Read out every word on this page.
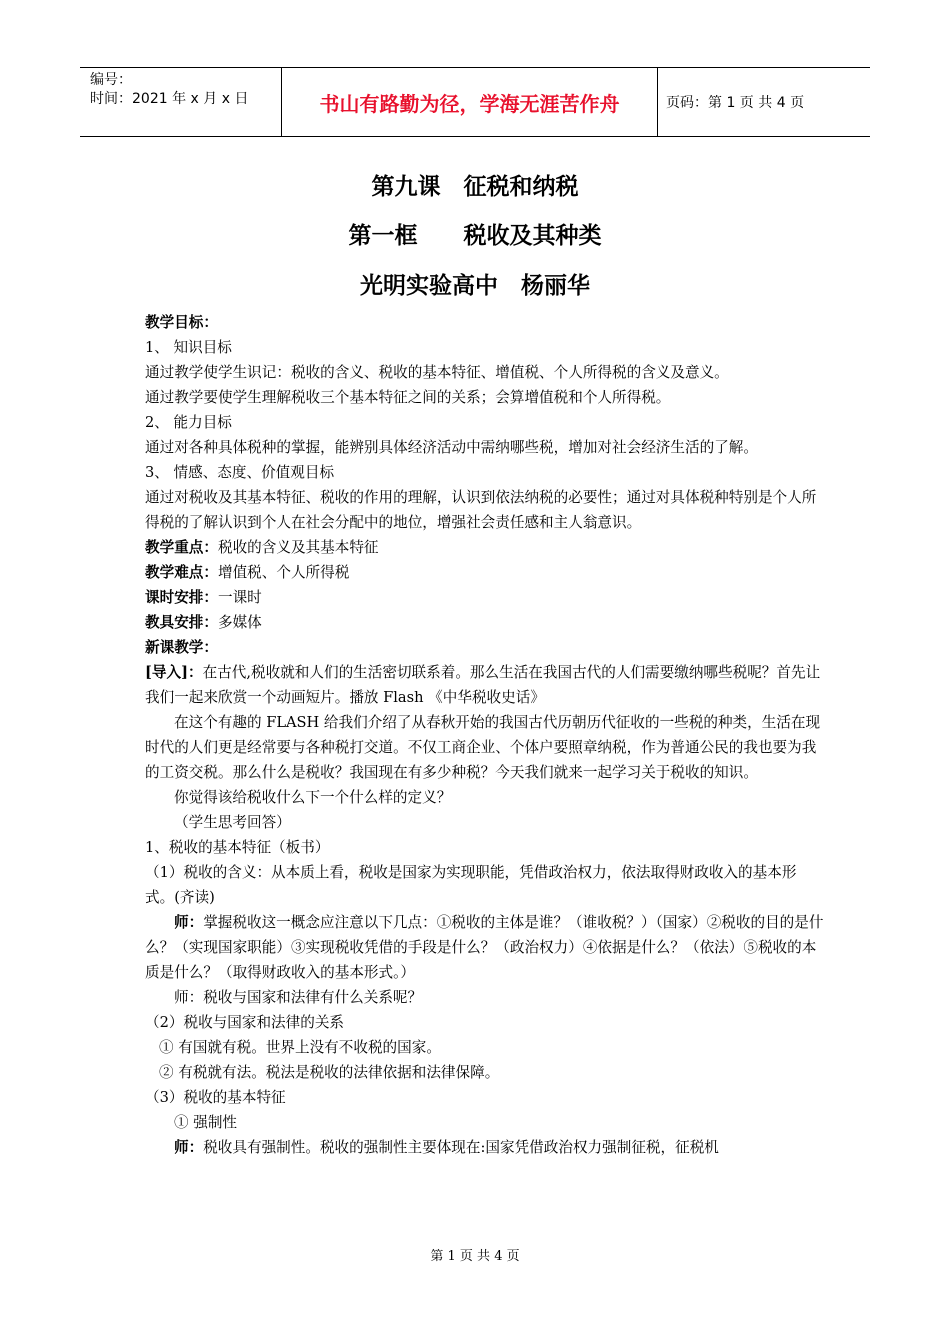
编号：
时间：2021 年 x 月 x 日	书山有路勤为径，学海无涯苦作舟	页码：第 1 页 共 4 页
第九课　征税和纳税
第一框　　税收及其种类
光明实验高中　杨丽华

教学目标：

1、 知识目标

通过教学使学生识记：税收的含义、税收的基本特征、增值税、个人所得税的含义及意义。

通过教学要使学生理解税收三个基本特征之间的关系；会算增值税和个人所得税。

2、 能力目标

通过对各种具体税种的掌握，能辨别具体经济活动中需纳哪些税，增加对社会经济生活的了解。

3、 情感、态度、价值观目标

通过对税收及其基本特征、税收的作用的理解，认识到依法纳税的必要性；通过对具体税种特别是个人所得税的了解认识到个人在社会分配中的地位，增强社会责任感和主人翁意识。

教学重点：税收的含义及其基本特征

教学难点：增值税、个人所得税

课时安排：一课时

教具安排：多媒体

新课教学：

[导入]：在古代,税收就和人们的生活密切联系着。那么生活在我国古代的人们需要缴纳哪些税呢？首先让我们一起来欣赏一个动画短片。播放 Flash 《中华税收史话》

在这个有趣的 FLASH 给我们介绍了从春秋开始的我国古代历朝历代征收的一些税的种类，生活在现时代的人们更是经常要与各种税打交道。不仅工商企业、个体户要照章纳税，作为普通公民的我也要为我的工资交税。那么什么是税收？我国现在有多少种税？今天我们就来一起学习关于税收的知识。

你觉得该给税收什么下一个什么样的定义？

（学生思考回答）

1、税收的基本特征（板书）

（1）税收的含义：从本质上看，税收是国家为实现职能，凭借政治权力，依法取得财政收入的基本形式。(齐读)

师：掌握税收这一概念应注意以下几点：①税收的主体是谁？（谁收税？）（国家）②税收的目的是什么？（实现国家职能）③实现税收凭借的手段是什么？（政治权力）④依据是什么？（依法）⑤税收的本质是什么？（取得财政收入的基本形式。）

师：税收与国家和法律有什么关系呢？

（2）税收与国家和法律的关系

① 有国就有税。世界上没有不收税的国家。

② 有税就有法。税法是税收的法律依据和法律保障。

（3）税收的基本特征

① 强制性

师：税收具有强制性。税收的强制性主要体现在:国家凭借政治权力强制征税，征税机

第 1 页 共 4 页
